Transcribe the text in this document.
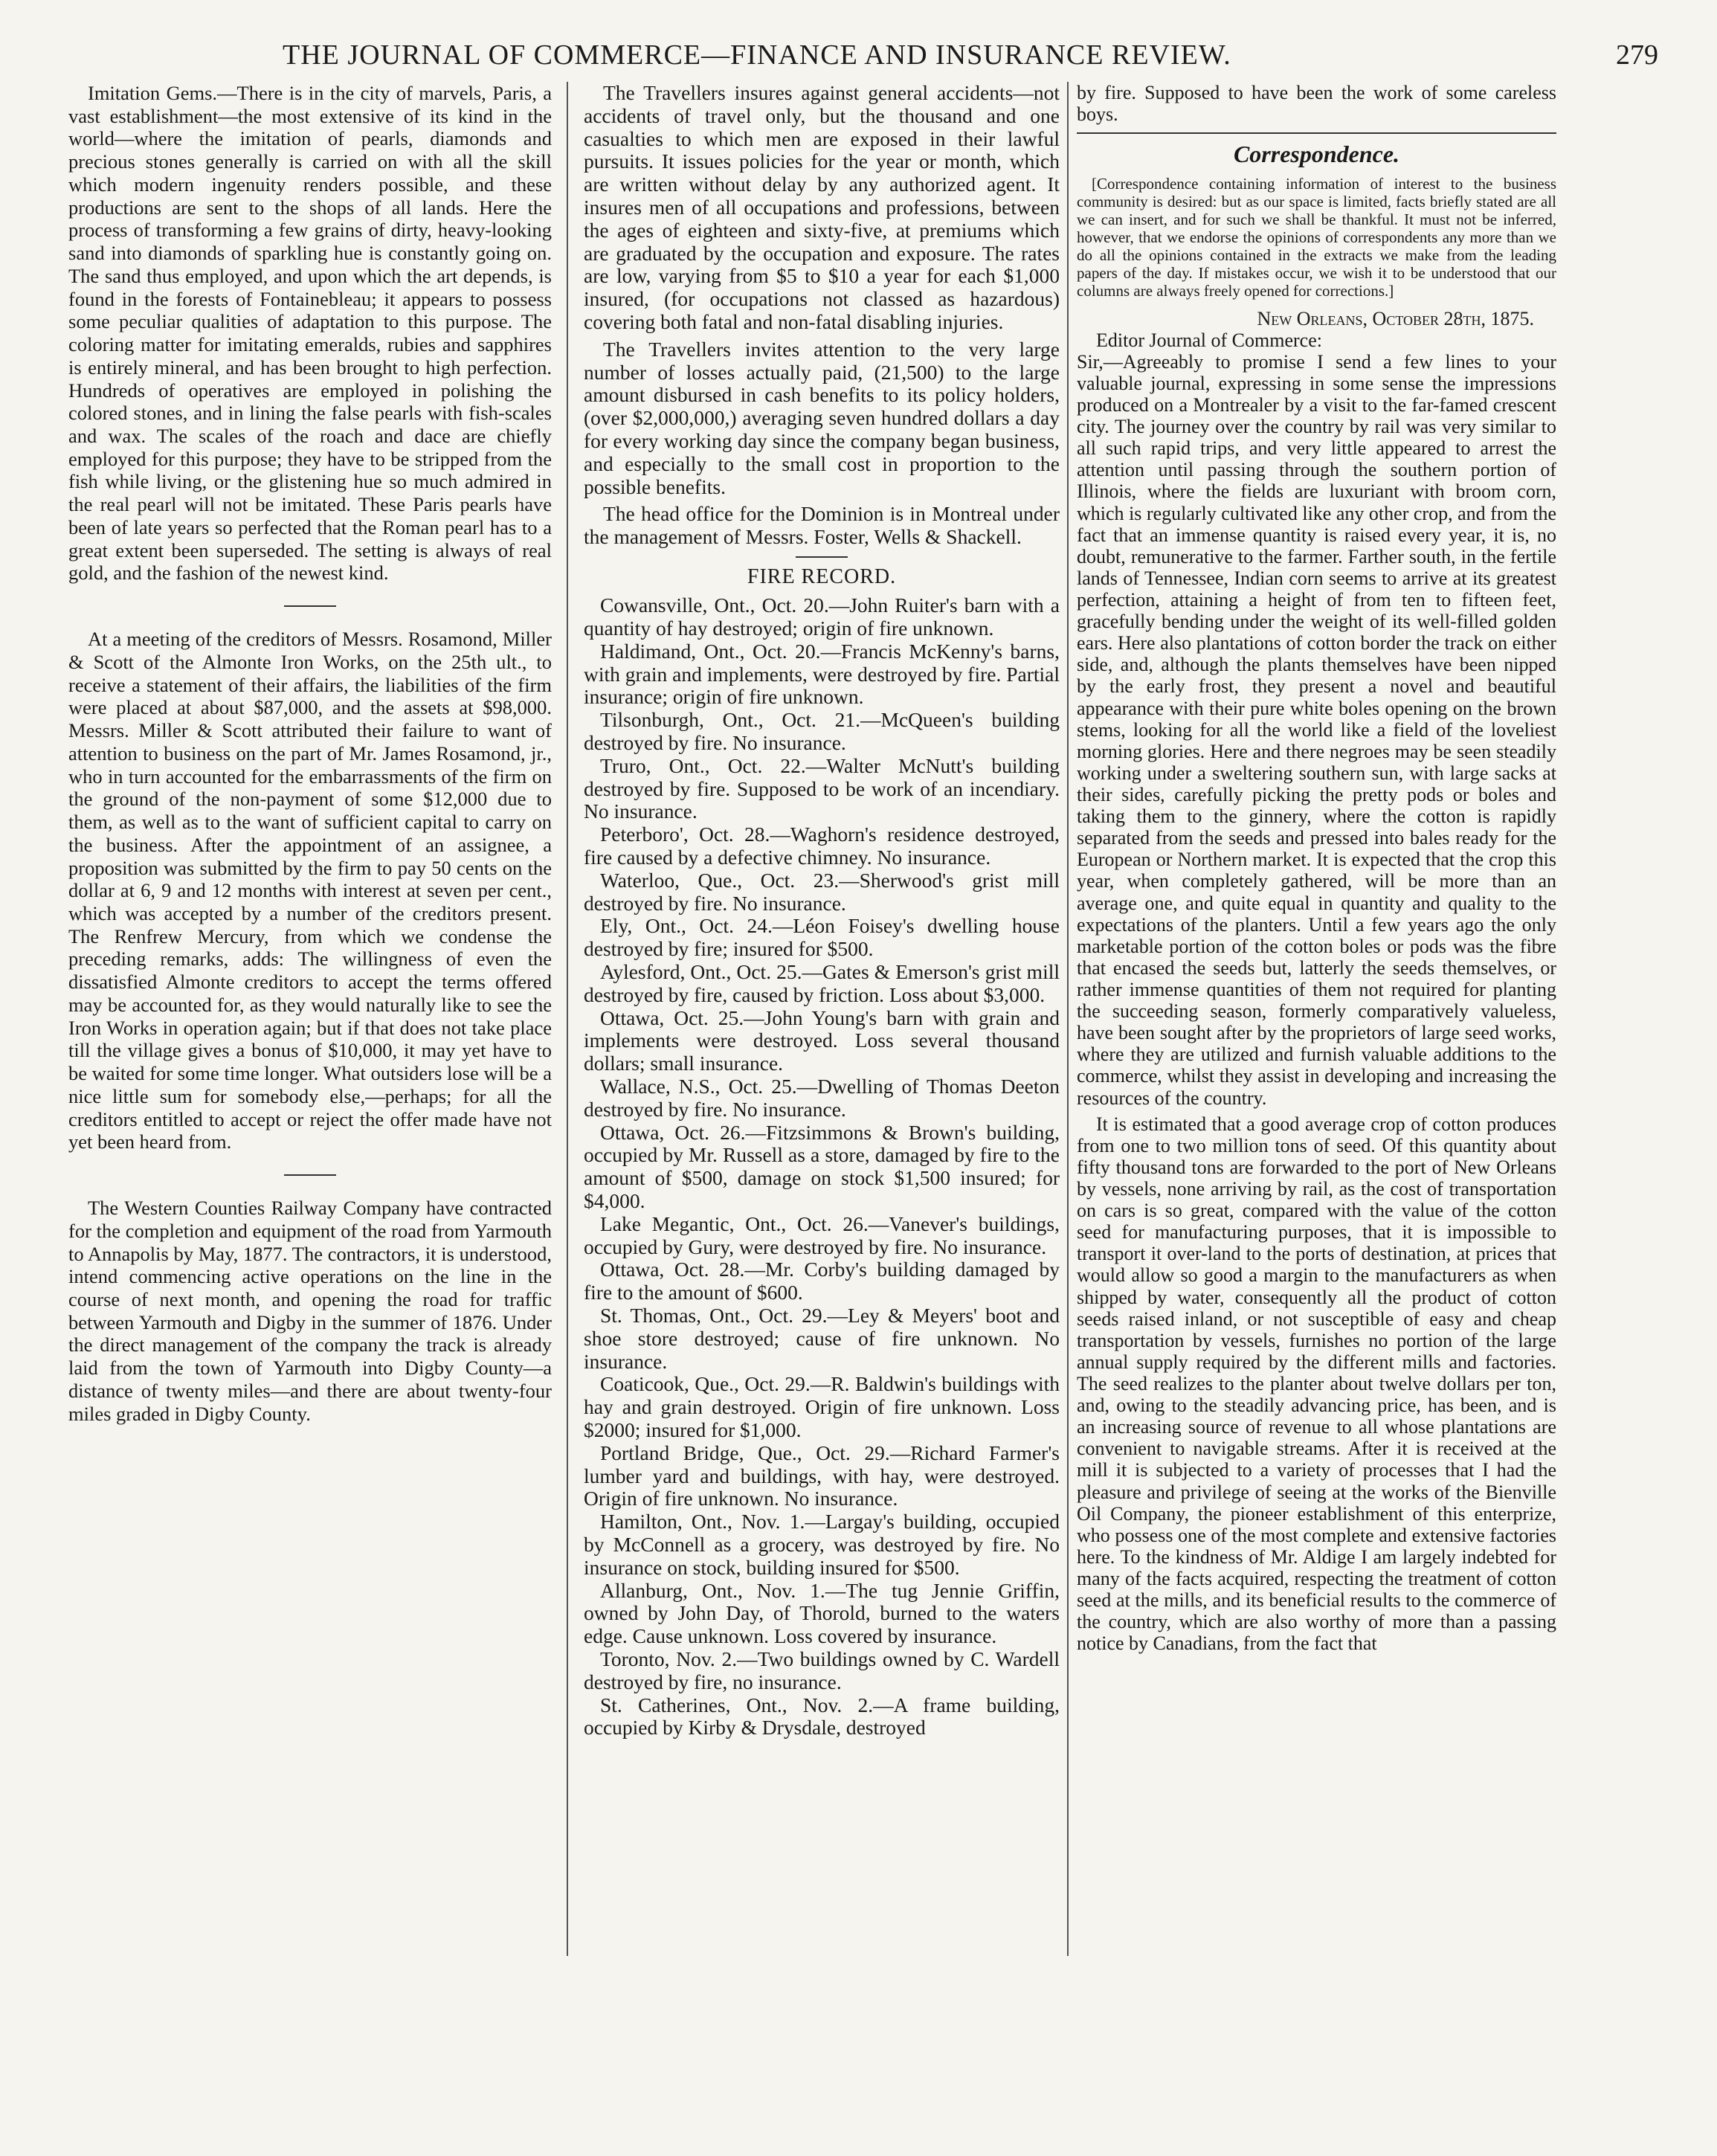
THE JOURNAL OF COMMERCE—FINANCE AND INSURANCE REVIEW.	279

Imitation Gems.—There is in the city of marvels, Paris, a vast establishment—the most extensive of its kind in the world—where the imitation of pearls, diamonds and precious stones generally is carried on with all the skill which modern ingenuity renders possible, and these productions are sent to the shops of all lands. Here the process of transforming a few grains of dirty, heavy-looking sand into diamonds of sparkling hue is constantly going on. The sand thus employed, and upon which the art depends, is found in the forests of Fontainebleau; it appears to possess some peculiar qualities of adaptation to this purpose. The coloring matter for imitating emeralds, rubies and sapphires is entirely mineral, and has been brought to high perfection. Hundreds of operatives are employed in polishing the colored stones, and in lining the false pearls with fish-scales and wax. The scales of the roach and dace are chiefly employed for this purpose; they have to be stripped from the fish while living, or the glistening hue so much admired in the real pearl will not be imitated. These Paris pearls have been of late years so perfected that the Roman pearl has to a great extent been superseded. The setting is always of real gold, and the fashion of the newest kind.

At a meeting of the creditors of Messrs. Rosamond, Miller & Scott of the Almonte Iron Works, on the 25th ult., to receive a statement of their affairs, the liabilities of the firm were placed at about $87,000, and the assets at $98,000. Messrs. Miller & Scott attributed their failure to want of attention to business on the part of Mr. James Rosamond, jr., who in turn accounted for the embarrassments of the firm on the ground of the non-payment of some $12,000 due to them, as well as to the want of sufficient capital to carry on the business. After the appointment of an assignee, a proposition was submitted by the firm to pay 50 cents on the dollar at 6, 9 and 12 months with interest at seven per cent., which was accepted by a number of the creditors present. The Renfrew Mercury, from which we condense the preceding remarks, adds: The willingness of even the dissatisfied Almonte creditors to accept the terms offered may be accounted for, as they would naturally like to see the Iron Works in operation again; but if that does not take place till the village gives a bonus of $10,000, it may yet have to be waited for some time longer. What outsiders lose will be a nice little sum for somebody else,—perhaps; for all the creditors entitled to accept or reject the offer made have not yet been heard from.

The Western Counties Railway Company have contracted for the completion and equipment of the road from Yarmouth to Annapolis by May, 1877. The contractors, it is understood, intend commencing active operations on the line in the course of next month, and opening the road for traffic between Yarmouth and Digby in the summer of 1876. Under the direct management of the company the track is already laid from the town of Yarmouth into Digby County—a distance of twenty miles—and there are about twenty-four miles graded in Digby County.

The Travellers insures against general accidents—not accidents of travel only, but the thousand and one casualties to which men are exposed in their lawful pursuits. It issues policies for the year or month, which are written without delay by any authorized agent. It insures men of all occupations and professions, between the ages of eighteen and sixty-five, at premiums which are graduated by the occupation and exposure. The rates are low, varying from $5 to $10 a year for each $1,000 insured, (for occupations not classed as hazardous) covering both fatal and non-fatal disabling injuries.

The Travellers invites attention to the very large number of losses actually paid, (21,500) to the large amount disbursed in cash benefits to its policy holders, (over $2,000,000,) averaging seven hundred dollars a day for every working day since the company began business, and especially to the small cost in proportion to the possible benefits.

The head office for the Dominion is in Montreal under the management of Messrs. Foster, Wells & Shackell.

FIRE RECORD.

Cowansville, Ont., Oct. 20.—John Ruiter's barn with a quantity of hay destroyed; origin of fire unknown.

Haldimand, Ont., Oct. 20.—Francis McKenny's barns, with grain and implements, were destroyed by fire. Partial insurance; origin of fire unknown.

Tilsonburgh, Ont., Oct. 21.—McQueen's building destroyed by fire. No insurance.

Truro, Ont., Oct. 22.—Walter McNutt's building destroyed by fire. Supposed to be work of an incendiary. No insurance.

Peterboro', Oct. 28.—Waghorn's residence destroyed, fire caused by a defective chimney. No insurance.

Waterloo, Que., Oct. 23.—Sherwood's grist mill destroyed by fire. No insurance.

Ely, Ont., Oct. 24.—Léon Foisey's dwelling house destroyed by fire; insured for $500.

Aylesford, Ont., Oct. 25.—Gates & Emerson's grist mill destroyed by fire, caused by friction. Loss about $3,000.

Ottawa, Oct. 25.—John Young's barn with grain and implements were destroyed. Loss several thousand dollars; small insurance.

Wallace, N.S., Oct. 25.—Dwelling of Thomas Deeton destroyed by fire. No insurance.

Ottawa, Oct. 26.—Fitzsimmons & Brown's building, occupied by Mr. Russell as a store, damaged by fire to the amount of $500, damage on stock $1,500 insured; for $4,000.

Lake Megantic, Ont., Oct. 26.—Vanever's buildings, occupied by Gury, were destroyed by fire. No insurance.

Ottawa, Oct. 28.—Mr. Corby's building damaged by fire to the amount of $600.

St. Thomas, Ont., Oct. 29.—Ley & Meyers' boot and shoe store destroyed; cause of fire unknown. No insurance.

Coaticook, Que., Oct. 29.—R. Baldwin's buildings with hay and grain destroyed. Origin of fire unknown. Loss $2000; insured for $1,000.

Portland Bridge, Que., Oct. 29.—Richard Farmer's lumber yard and buildings, with hay, were destroyed. Origin of fire unknown. No insurance.

Hamilton, Ont., Nov. 1.—Largay's building, occupied by McConnell as a grocery, was destroyed by fire. No insurance on stock, building insured for $500.

Allanburg, Ont., Nov. 1.—The tug Jennie Griffin, owned by John Day, of Thorold, burned to the waters edge. Cause unknown. Loss covered by insurance.

Toronto, Nov. 2.—Two buildings owned by C. Wardell destroyed by fire, no insurance.

St. Catherines, Ont., Nov. 2.—A frame building, occupied by Kirby & Drysdale, destroyed

by fire. Supposed to have been the work of some careless boys.

Correspondence.
[Correspondence containing information of interest to the business community is desired: but as our space is limited, facts briefly stated are all we can insert, and for such we shall be thankful. It must not be inferred, however, that we endorse the opinions of correspondents any more than we do all the opinions contained in the extracts we make from the leading papers of the day. If mistakes occur, we wish it to be understood that our columns are always freely opened for corrections.]
New Orleans, October 28th, 1875.
Editor Journal of Commerce:

Sir,—Agreeably to promise I send a few lines to your valuable journal, expressing in some sense the impressions produced on a Montrealer by a visit to the far-famed crescent city. The journey over the country by rail was very similar to all such rapid trips, and very little appeared to arrest the attention until passing through the southern portion of Illinois, where the fields are luxuriant with broom corn, which is regularly cultivated like any other crop, and from the fact that an immense quantity is raised every year, it is, no doubt, remunerative to the farmer. Farther south, in the fertile lands of Tennessee, Indian corn seems to arrive at its greatest perfection, attaining a height of from ten to fifteen feet, gracefully bending under the weight of its well-filled golden ears. Here also plantations of cotton border the track on either side, and, although the plants themselves have been nipped by the early frost, they present a novel and beautiful appearance with their pure white boles opening on the brown stems, looking for all the world like a field of the loveliest morning glories. Here and there negroes may be seen steadily working under a sweltering southern sun, with large sacks at their sides, carefully picking the pretty pods or boles and taking them to the ginnery, where the cotton is rapidly separated from the seeds and pressed into bales ready for the European or Northern market. It is expected that the crop this year, when completely gathered, will be more than an average one, and quite equal in quantity and quality to the expectations of the planters. Until a few years ago the only marketable portion of the cotton boles or pods was the fibre that encased the seeds but, latterly the seeds themselves, or rather immense quantities of them not required for planting the succeeding season, formerly comparatively valueless, have been sought after by the proprietors of large seed works, where they are utilized and furnish valuable additions to the commerce, whilst they assist in developing and increasing the resources of the country.

It is estimated that a good average crop of cotton produces from one to two million tons of seed. Of this quantity about fifty thousand tons are forwarded to the port of New Orleans by vessels, none arriving by rail, as the cost of transportation on cars is so great, compared with the value of the cotton seed for manufacturing purposes, that it is impossible to transport it over-land to the ports of destination, at prices that would allow so good a margin to the manufacturers as when shipped by water, consequently all the product of cotton seeds raised inland, or not susceptible of easy and cheap transportation by vessels, furnishes no portion of the large annual supply required by the different mills and factories. The seed realizes to the planter about twelve dollars per ton, and, owing to the steadily advancing price, has been, and is an increasing source of revenue to all whose plantations are convenient to navigable streams. After it is received at the mill it is subjected to a variety of processes that I had the pleasure and privilege of seeing at the works of the Bienville Oil Company, the pioneer establishment of this enterprize, who possess one of the most complete and extensive factories here. To the kindness of Mr. Aldige I am largely indebted for many of the facts acquired, respecting the treatment of cotton seed at the mills, and its beneficial results to the commerce of the country, which are also worthy of more than a passing notice by Canadians, from the fact that
